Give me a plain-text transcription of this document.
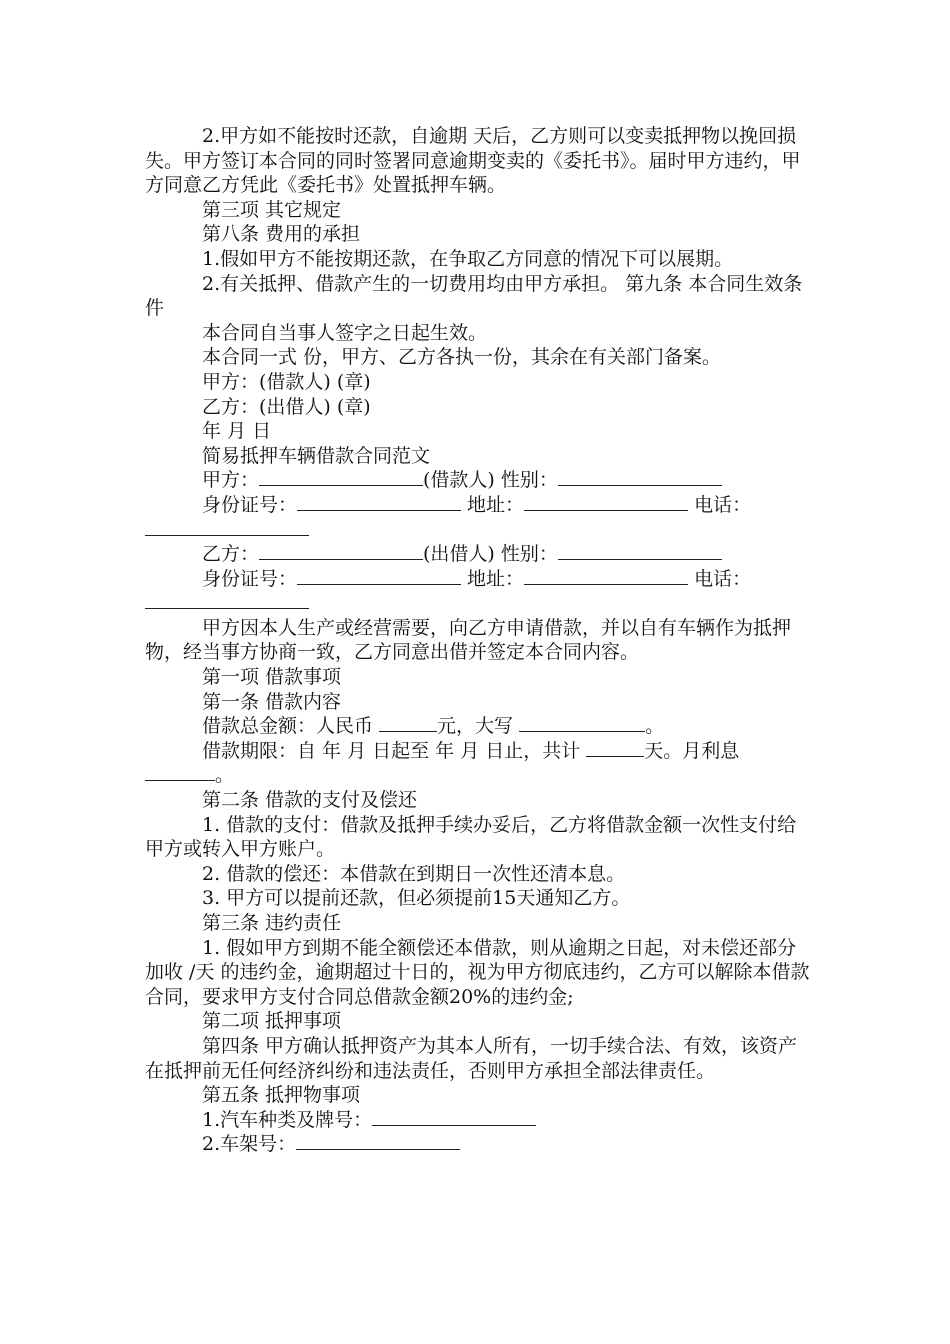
2.甲方如不能按时还款，自逾期 天后，乙方则可以变卖抵押物以挽回损失。甲方签订本合同的同时签署同意逾期变卖的《委托书》。届时甲方违约，甲方同意乙方凭此《委托书》处置抵押车辆。

第三项 其它规定

第八条 费用的承担

1.假如甲方不能按期还款，在争取乙方同意的情况下可以展期。

2.有关抵押、借款产生的一切费用均由甲方承担。 第九条 本合同生效条件

本合同自当事人签字之日起生效。

本合同一式 份，甲方、乙方各执一份，其余在有关部门备案。

甲方：(借款人) (章)

乙方：(出借人) (章)

年 月 日

简易抵押车辆借款合同范文

甲方：	(借款人) 性别：

身份证号：	地址：	电话：

乙方：	(出借人) 性别：

身份证号：	地址：	电话：

甲方因本人生产或经营需要，向乙方申请借款，并以自有车辆作为抵押物，经当事方协商一致，乙方同意出借并签定本合同内容。

第一项 借款事项

第一条 借款内容

借款总金额：人民币	元，大写	。

借款期限：自 年 月 日起至 年 月 日止，共计	天。月利息 。

第二条 借款的支付及偿还

1. 借款的支付：借款及抵押手续办妥后，乙方将借款金额一次性支付给甲方或转入甲方账户。

2. 借款的偿还：本借款在到期日一次性还清本息。

3. 甲方可以提前还款，但必须提前15天通知乙方。

第三条 违约责任

1. 假如甲方到期不能全额偿还本借款，则从逾期之日起，对未偿还部分加收 /天 的违约金，逾期超过十日的，视为甲方彻底违约，乙方可以解除本借款合同，要求甲方支付合同总借款金额20%的违约金;

第二项 抵押事项

第四条 甲方确认抵押资产为其本人所有，一切手续合法、有效，该资产在抵押前无任何经济纠纷和违法责任，否则甲方承担全部法律责任。

第五条 抵押物事项

1.汽车种类及牌号：

2.车架号：
